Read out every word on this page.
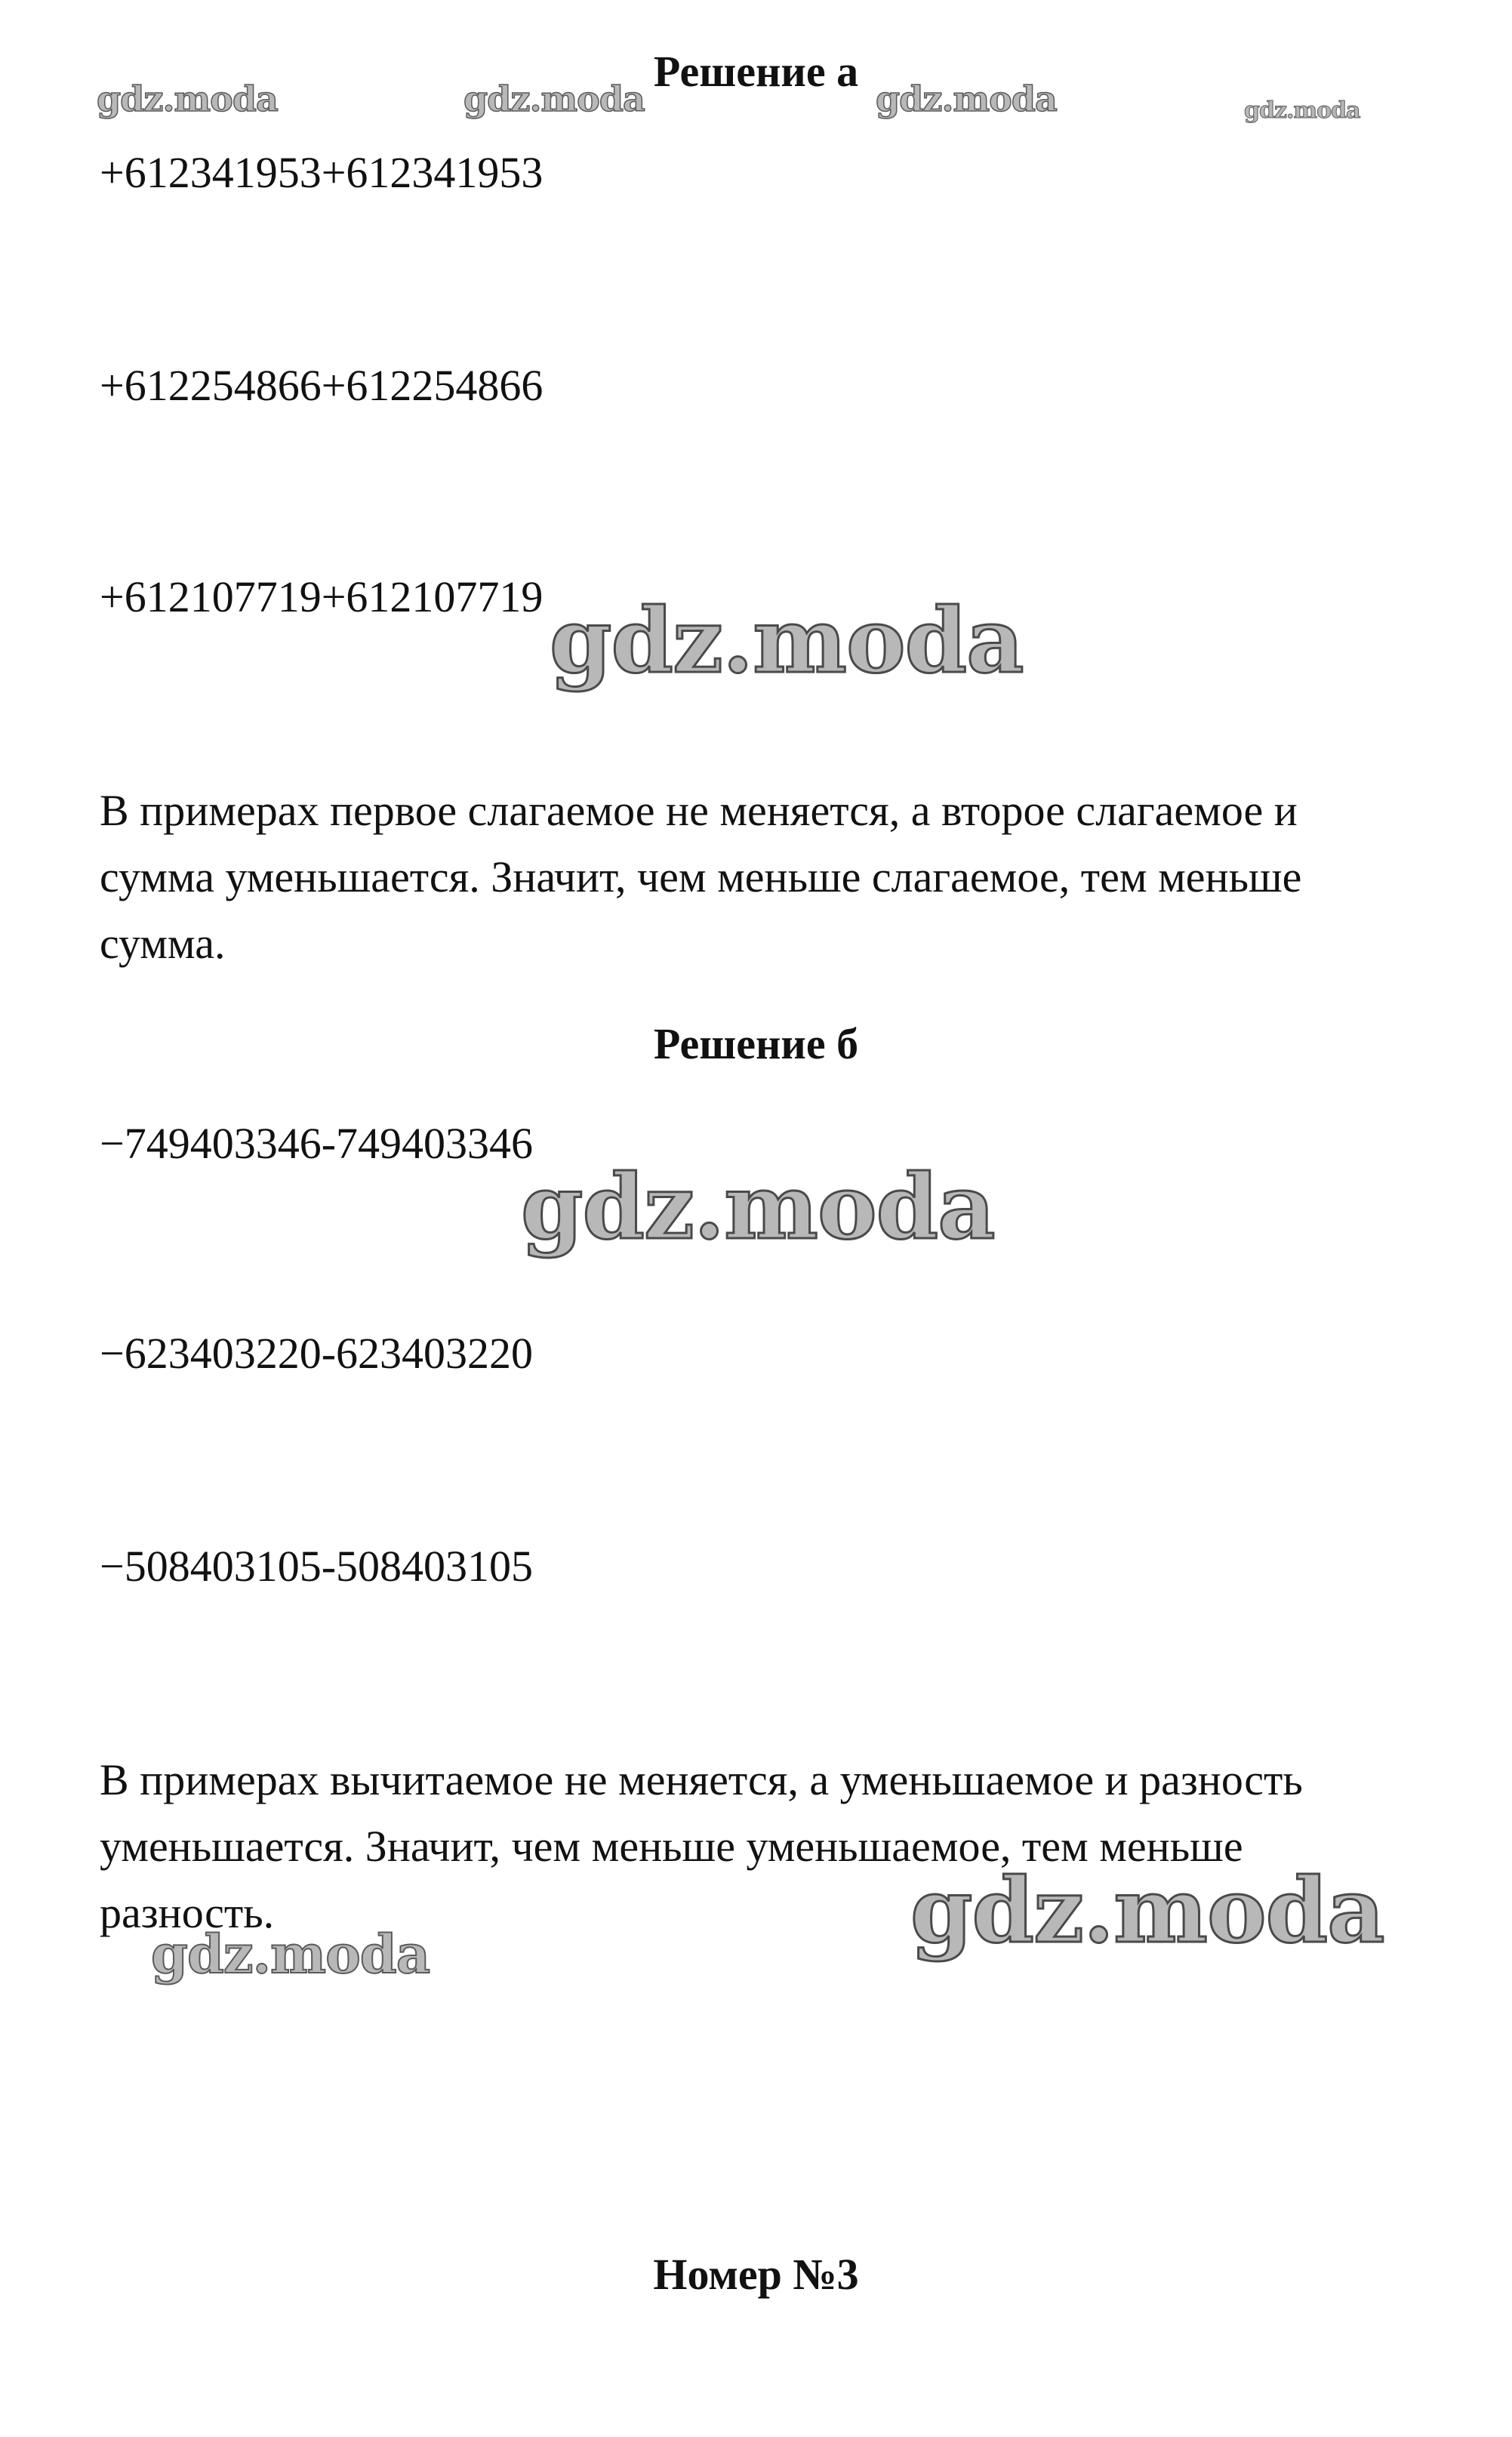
gdz.moda	gdz.moda	gdz.moda	gdz.moda
Решение а

+612341953+612341953

+612254866+612254866

+612107719+612107719 gdz.moda
В примерах первое слагаемое не меняется, а второе слагаемое и
сумма уменьшается. Значит, чем меньше слагаемое, тем меньше
сумма.
Решение б

−749403346-749403346

gdz.moda

−623403220-623403220

−508403105-508403105

В примерах вычитаемое не меняется, а уменьшаемое и разность
уменьшается. Значит, чем меньше уменьшаемое, тем меньше
разность.	gdz.moda
gdz.moda
Номер №3
